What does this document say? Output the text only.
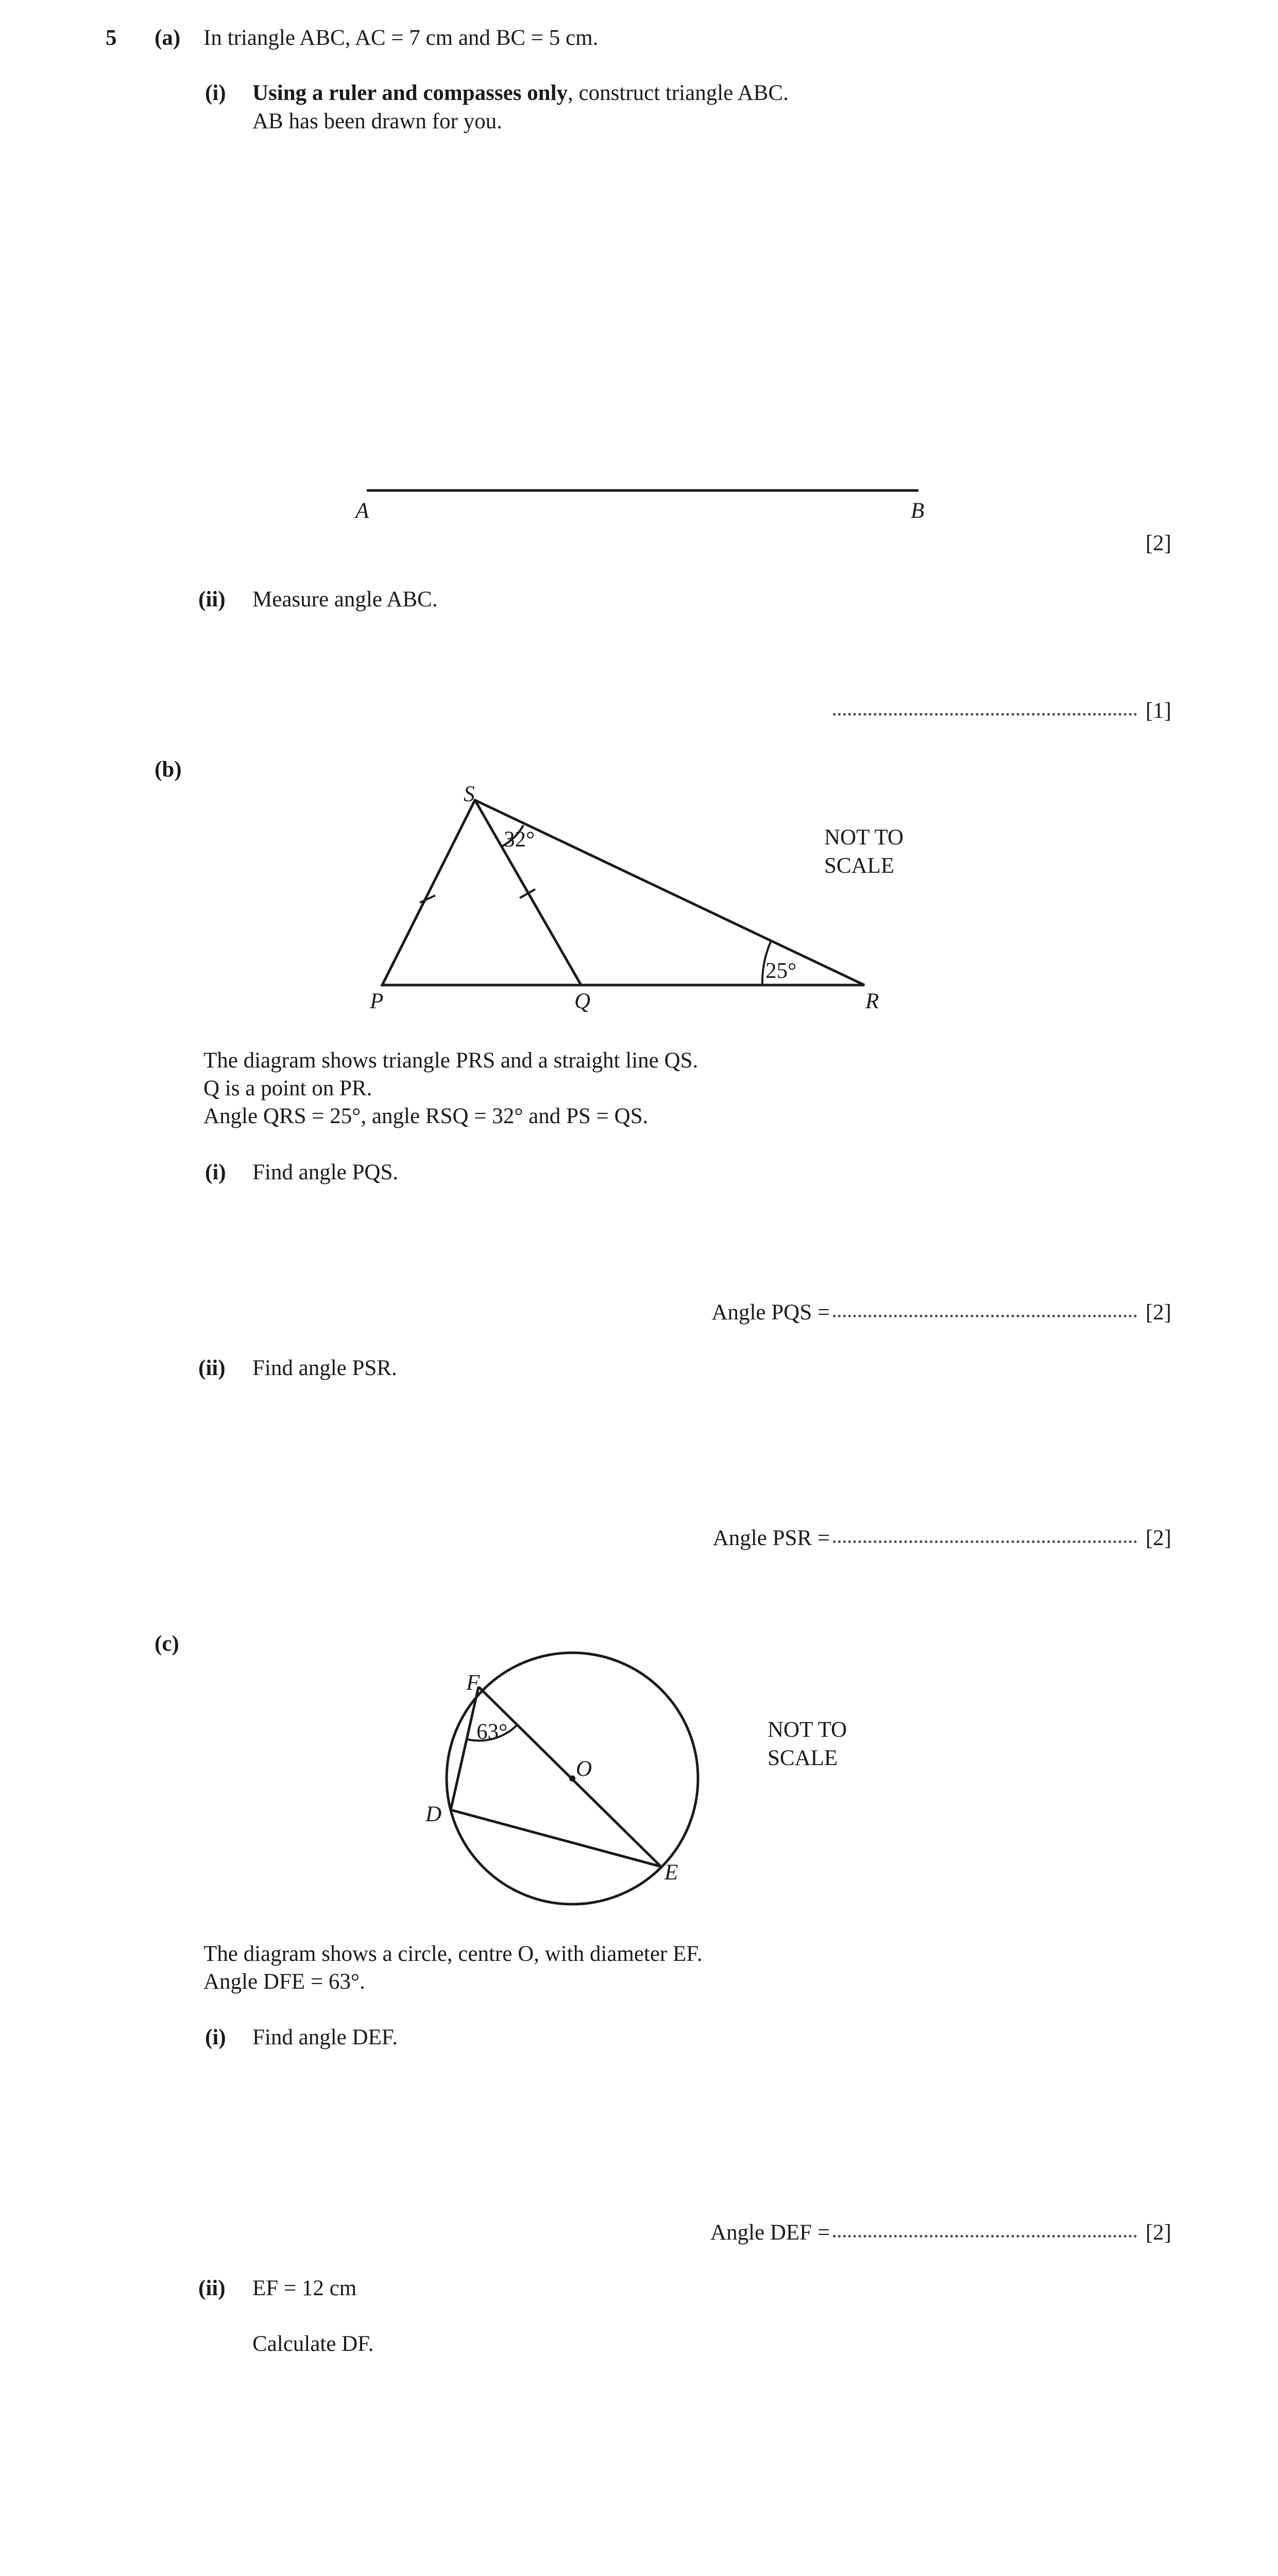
5 (a) In triangle ABC, AC = 7 cm and BC = 5 cm.
(i) Using a ruler and compasses only, construct triangle ABC.
AB has been drawn for you.
A	B
[2]
(ii) Measure angle ABC.
[1]
(b)
S
P	Q	R
32°
25°
NOT TO
SCALE
The diagram shows triangle PRS and a straight line QS.
Q is a point on PR.
Angle QRS = 25°, angle RSQ = 32° and PS = QS.
(i) Find angle PQS.
Angle PQS =	[2]
(ii) Find angle PSR.
Angle PSR =	[2]
(c)
F
O
D
E
63°	NOT TO
SCALE
The diagram shows a circle, centre O, with diameter EF.
Angle DFE = 63°.
(i) Find angle DEF.
Angle DEF =	[2]
(ii) EF = 12 cm
Calculate DF.
